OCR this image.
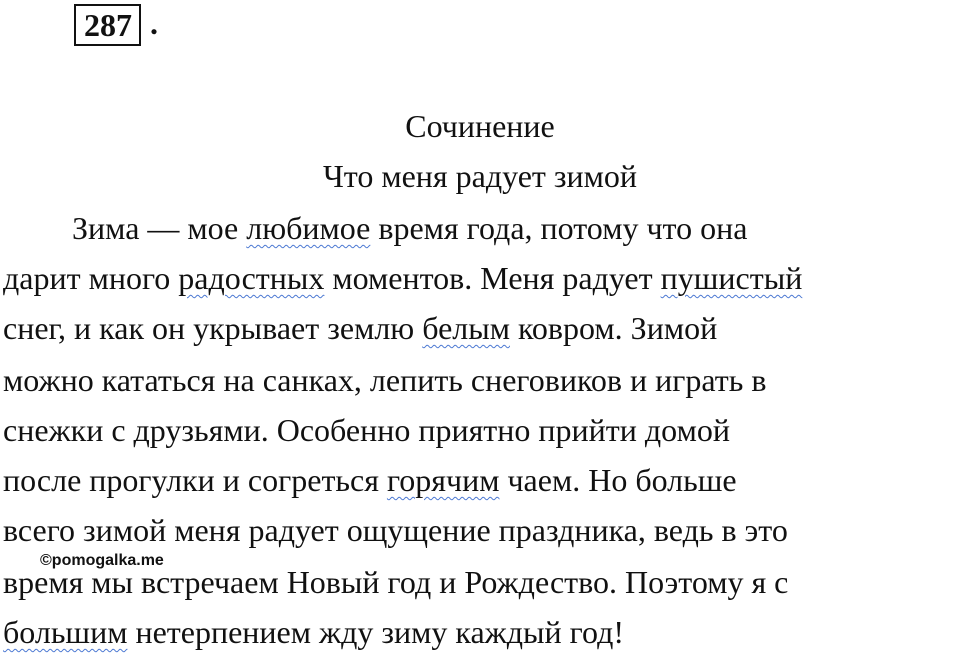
287 .
Сочинение
Что меня радует зимой
Зима — мое любимое время года, потому что она
дарит много радостных моментов. Меня радует пушистый
снег, и как он укрывает землю белым ковром. Зимой
можно кататься на санках, лепить снеговиков и играть в
снежки с друзьями. Особенно приятно прийти домой
после прогулки и согреться горячим чаем. Но больше
всего зимой меня радует ощущение праздника, ведь в это
время мы встречаем Новый год и Рождество. Поэтому я с
большим нетерпением жду зиму каждый год!
©pomogalka.me
